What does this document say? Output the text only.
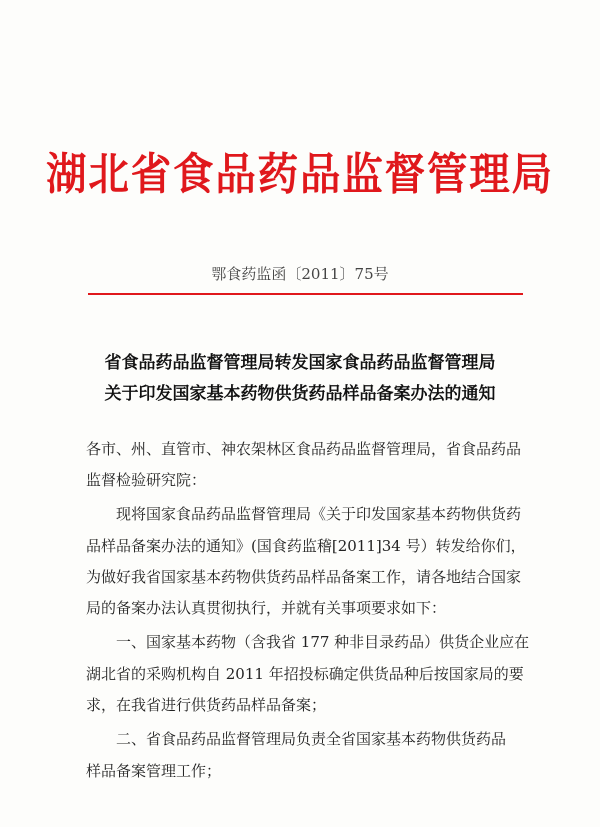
湖北省食品药品监督管理局
鄂食药监函〔2011〕75号
省食品药品监督管理局转发国家食品药品监督管理局
关于印发国家基本药物供货药品样品备案办法的通知
各市、州、直管市、神农架林区食品药品监督管理局，省食品药品
监督检验研究院：
　　现将国家食品药品监督管理局《关于印发国家基本药物供货药
品样品备案办法的通知》(国食药监稽[2011]34 号）转发给你们，
为做好我省国家基本药物供货药品样品备案工作，请各地结合国家
局的备案办法认真贯彻执行，并就有关事项要求如下：
　　一、国家基本药物（含我省 177 种非目录药品）供货企业应在
湖北省的采购机构自 2011 年招投标确定供货品种后按国家局的要
求，在我省进行供货药品样品备案；
　　二、省食品药品监督管理局负责全省国家基本药物供货药品
样品备案管理工作；
